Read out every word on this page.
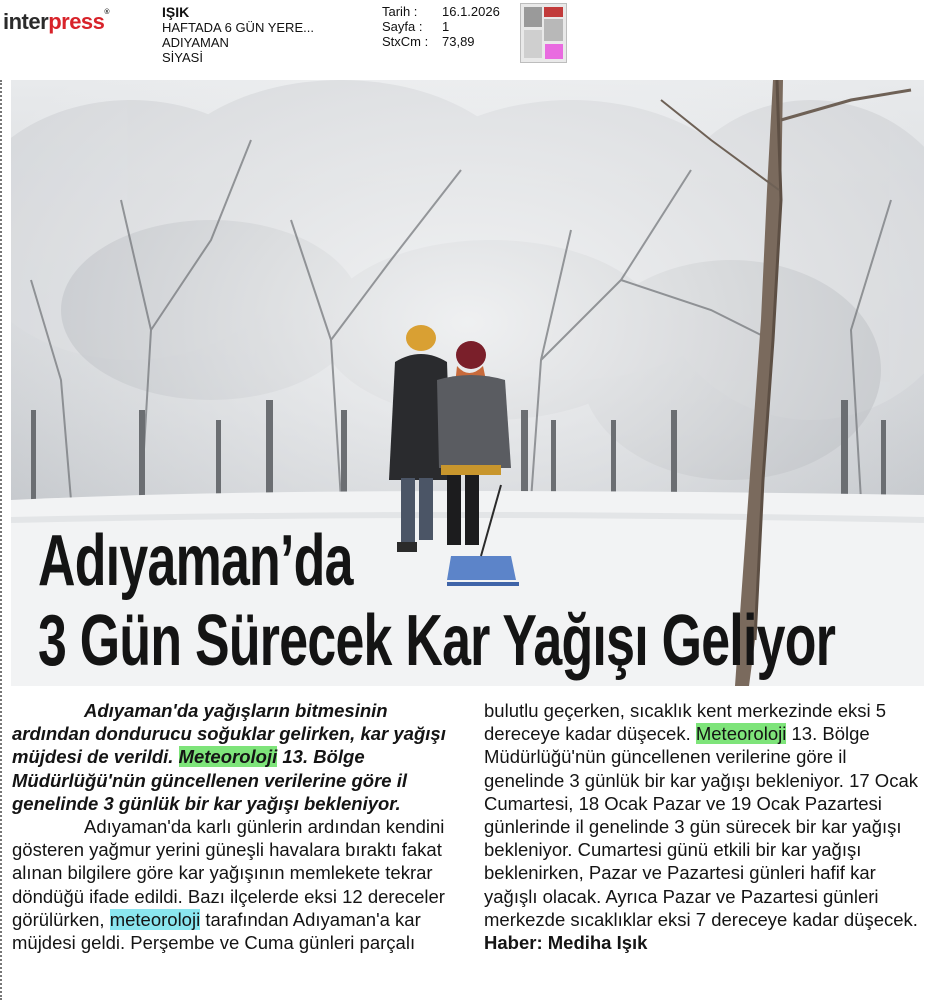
interpress®	IŞIK
HAFTADA 6 GÜN YERE...
ADIYAMAN
SİYASİ
Tarih :	16.1.2026
Sayfa :	1
StxCm :	73,89
Adıyaman’da
3 Gün Sürecek Kar Yağışı Geliyor
Adıyaman'da yağışların bitmesinin ardından dondurucu soğuklar gelirken, kar yağışı müjdesi de verildi. Meteoroloji 13. Bölge Müdürlüğü'nün güncellenen verilerine göre il genelinde 3 günlük bir kar yağışı bekleniyor.
Adıyaman'da karlı günlerin ardından kendini gösteren yağmur yerini güneşli havalara bıraktı fakat alınan bilgilere göre kar yağışının memlekete tekrar döndüğü ifade edildi. Bazı ilçelerde eksi 12 dereceler görülürken, meteoroloji tarafından Adıyaman'a kar müjdesi geldi. Perşembe ve Cuma günleri parçalı
bulutlu geçerken, sıcaklık kent merkezinde eksi 5 dereceye kadar düşecek. Meteoroloji 13. Bölge Müdürlüğü'nün güncellenen verilerine göre il genelinde 3 günlük bir kar yağışı bekleniyor. 17 Ocak Cumartesi, 18 Ocak Pazar ve 19 Ocak Pazartesi günlerinde il genelinde 3 gün sürecek bir kar yağışı bekleniyor. Cumartesi günü etkili bir kar yağışı beklenirken, Pazar ve Pazartesi günleri hafif kar yağışlı olacak. Ayrıca Pazar ve Pazartesi günleri merkezde sıcaklıklar eksi 7 dereceye kadar düşecek. Haber: Mediha Işık
